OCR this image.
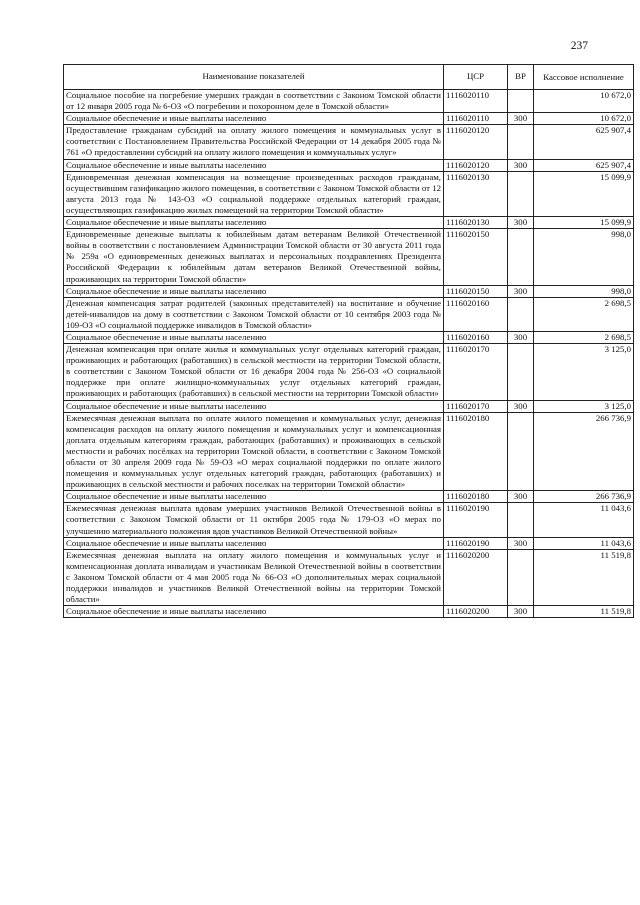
237
Наименование показателей	ЦСР	ВР	Кассовое исполнение
Социальное пособие на погребение умерших граждан в соответствии с Законом Томской области от 12 января 2005 года № 6-ОЗ «О погребении и похоронном деле в Томской области»	1116020110		10 672,0
Социальное обеспечение и иные выплаты населению	1116020110	300	10 672,0
Предоставление гражданам субсидий на оплату жилого помещения и коммунальных услуг в соответствии с Постановлением Правительства Российской Федерации от 14 декабря 2005 года № 761 «О предоставлении субсидий на оплату жилого помещения и коммунальных услуг»	1116020120		625 907,4
Социальное обеспечение и иные выплаты населению	1116020120	300	625 907,4
Единовременная денежная компенсация на возмещение произведенных расходов гражданам, осуществившим газификацию жилого помещения, в соответствии с Законом Томской области от 12 августа 2013 года № 143-ОЗ «О социальной поддержке отдельных категорий граждан, осуществляющих газификацию жилых помещений на территории Томской области»	1116020130		15 099,9
Социальное обеспечение и иные выплаты населению	1116020130	300	15 099,9
Единовременные денежные выплаты к юбилейным датам ветеранам Великой Отечественной войны в соответствии с постановлением Администрации Томской области от 30 августа 2011 года № 259а «О единовременных денежных выплатах и персональных поздравлениях Президента Российской Федерации к юбилейным датам ветеранов Великой Отечественной войны, проживающих на территории Томской области»	1116020150		998,0
Социальное обеспечение и иные выплаты населению	1116020150	300	998,0
Денежная компенсация затрат родителей (законных представителей) на воспитание и обучение детей-инвалидов на дому в соответствии с Законом Томской области от 10 сентября 2003 года № 109-ОЗ «О социальной поддержке инвалидов в Томской области»	1116020160		2 698,5
Социальное обеспечение и иные выплаты населению	1116020160	300	2 698,5
Денежная компенсация при оплате жилья и коммунальных услуг отдельных категорий граждан, проживающих и работающих (работавших) в сельской местности на территории Томской области, в соответствии с Законом Томской области от 16 декабря 2004 года № 256-ОЗ «О социальной поддержке при оплате жилищно-коммунальных услуг отдельных категорий граждан, проживающих и работающих (работавших) в сельской местности на территории Томской области»	1116020170		3 125,0
Социальное обеспечение и иные выплаты населению	1116020170	300	3 125,0
Ежемесячная денежная выплата по оплате жилого помещения и коммунальных услуг, денежная компенсация расходов на оплату жилого помещения и коммунальных услуг и компенсационная доплата отдельным категориям граждан, работающих (работавших) и проживающих в сельской местности и рабочих посёлках на территории Томской области, в соответствии с Законом Томской области от 30 апреля 2009 года № 59-ОЗ «О мерах социальной поддержки по оплате жилого помещения и коммунальных услуг отдельных категорий граждан, работающих (работавших) и проживающих в сельской местности и рабочих поселках на территории Томской области»	1116020180		266 736,9
Социальное обеспечение и иные выплаты населению	1116020180	300	266 736,9
Ежемесячная денежная выплата вдовам умерших участников Великой Отечественной войны в соответствии с Законом Томской области от 11 октября 2005 года № 179-ОЗ «О мерах по улучшению материального положения вдов участников Великой Отечественной войны»	1116020190		11 043,6
Социальное обеспечение и иные выплаты населению	1116020190	300	11 043,6
Ежемесячная денежная выплата на оплату жилого помещения и коммунальных услуг и компенсационная доплата инвалидам и участникам Великой Отечественной войны в соответствии с Законом Томской области от 4 мая 2005 года № 66-ОЗ «О дополнительных мерах социальной поддержки инвалидов и участников Великой Отечественной войны на территории Томской области»	1116020200		11 519,8
Социальное обеспечение и иные выплаты населению	1116020200	300	11 519,8
